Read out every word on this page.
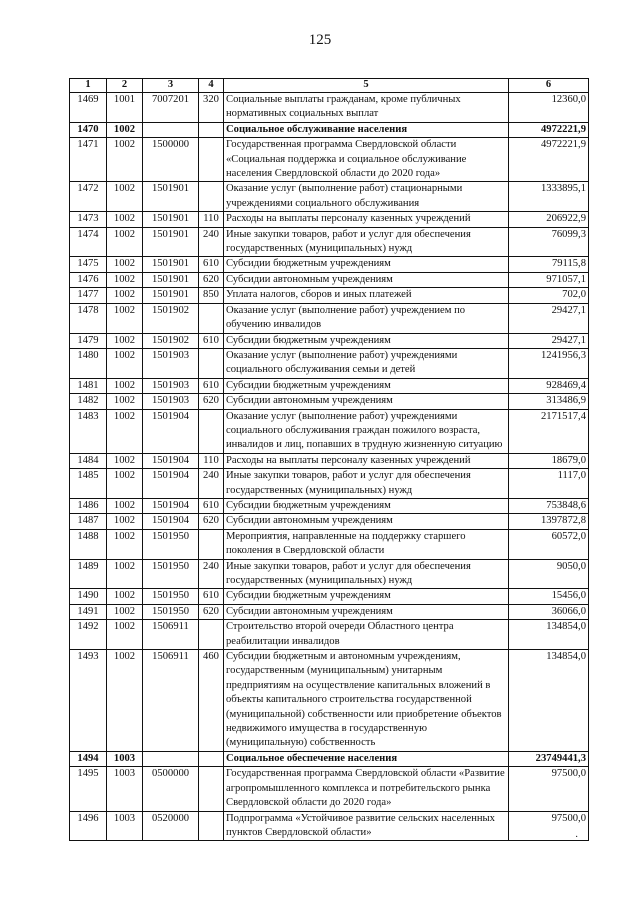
125
1	2	3	4	5	6
1469	1001	7007201	320	Социальные выплаты гражданам, кроме публичных нормативных социальных выплат	12360,0
1470	1002			Социальное обслуживание населения	4972221,9
1471	1002	1500000		Государственная программа Свердловской области «Социальная поддержка и социальное обслуживание населения Свердловской области до 2020 года»	4972221,9
1472	1002	1501901		Оказание услуг (выполнение работ) стационарными учреждениями социального обслуживания	1333895,1
1473	1002	1501901	110	Расходы на выплаты персоналу казенных учреждений	206922,9
1474	1002	1501901	240	Иные закупки товаров, работ и услуг для обеспечения государственных (муниципальных) нужд	76099,3
1475	1002	1501901	610	Субсидии бюджетным учреждениям	79115,8
1476	1002	1501901	620	Субсидии автономным учреждениям	971057,1
1477	1002	1501901	850	Уплата налогов, сборов и иных платежей	702,0
1478	1002	1501902		Оказание услуг (выполнение работ) учреждением по обучению инвалидов	29427,1
1479	1002	1501902	610	Субсидии бюджетным учреждениям	29427,1
1480	1002	1501903		Оказание услуг (выполнение работ) учреждениями социального обслуживания семьи и детей	1241956,3
1481	1002	1501903	610	Субсидии бюджетным учреждениям	928469,4
1482	1002	1501903	620	Субсидии автономным учреждениям	313486,9
1483	1002	1501904		Оказание услуг (выполнение работ) учреждениями социального обслуживания граждан пожилого возраста, инвалидов и лиц, попавших в трудную жизненную ситуацию	2171517,4
1484	1002	1501904	110	Расходы на выплаты персоналу казенных учреждений	18679,0
1485	1002	1501904	240	Иные закупки товаров, работ и услуг для обеспечения государственных (муниципальных) нужд	1117,0
1486	1002	1501904	610	Субсидии бюджетным учреждениям	753848,6
1487	1002	1501904	620	Субсидии автономным учреждениям	1397872,8
1488	1002	1501950		Мероприятия, направленные на поддержку старшего поколения в Свердловской области	60572,0
1489	1002	1501950	240	Иные закупки товаров, работ и услуг для обеспечения государственных (муниципальных) нужд	9050,0
1490	1002	1501950	610	Субсидии бюджетным учреждениям	15456,0
1491	1002	1501950	620	Субсидии автономным учреждениям	36066,0
1492	1002	1506911		Строительство второй очереди Областного центра реабилитации инвалидов	134854,0
1493	1002	1506911	460	Субсидии бюджетным и автономным учреждениям, государственным (муниципальным) унитарным предприятиям на осуществление капитальных вложений в объекты капитального строительства государственной (муниципальной) собственности или приобретение объектов недвижимого имущества в государственную (муниципальную) собственность	134854,0
1494	1003			Социальное обеспечение населения	23749441,3
1495	1003	0500000		Государственная программа Свердловской области «Развитие агропромышленного комплекса и потребительского рынка Свердловской области до 2020 года»	97500,0
1496	1003	0520000		Подпрограмма «Устойчивое развитие сельских населенных пунктов Свердловской области»	97500,0
·
